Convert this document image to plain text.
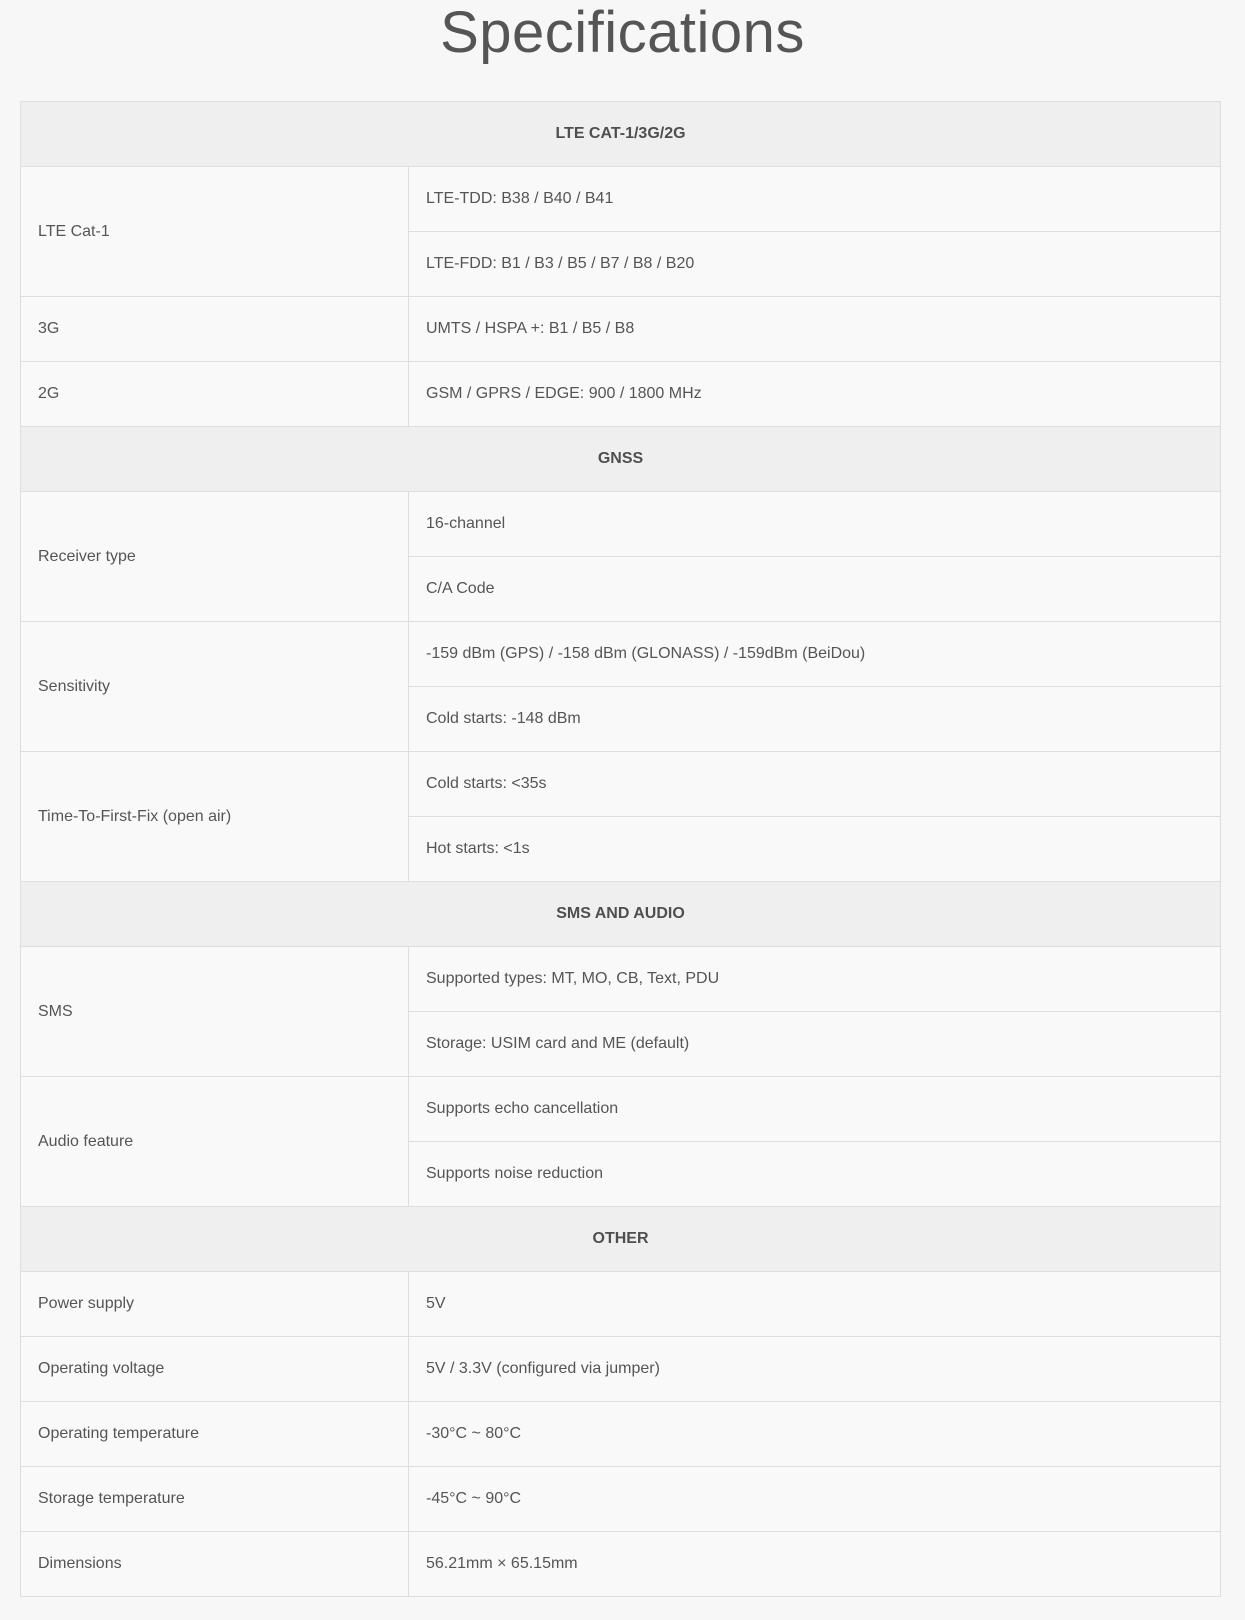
Specifications
LTE CAT-1/3G/2G	
LTE Cat-1	LTE-TDD: B38 / B40 / B41
	LTE-FDD: B1 / B3 / B5 / B7 / B8 / B20
3G	UMTS / HSPA +: B1 / B5 / B8
2G	GSM / GPRS / EDGE: 900 / 1800 MHz
GNSS	
Receiver type	16-channel
	C/A Code
Sensitivity	-159 dBm (GPS) / -158 dBm (GLONASS) / -159dBm (BeiDou)
	Cold starts: -148 dBm
Time-To-First-Fix (open air)	Cold starts: <35s
	Hot starts: <1s
SMS AND AUDIO	
SMS	Supported types: MT, MO, CB, Text, PDU
	Storage: USIM card and ME (default)
Audio feature	Supports echo cancellation
	Supports noise reduction
OTHER	
Power supply	5V
Operating voltage	5V / 3.3V (configured via jumper)
Operating temperature	-30°C ~ 80°C
Storage temperature	-45°C ~ 90°C
Dimensions	56.21mm × 65.15mm
